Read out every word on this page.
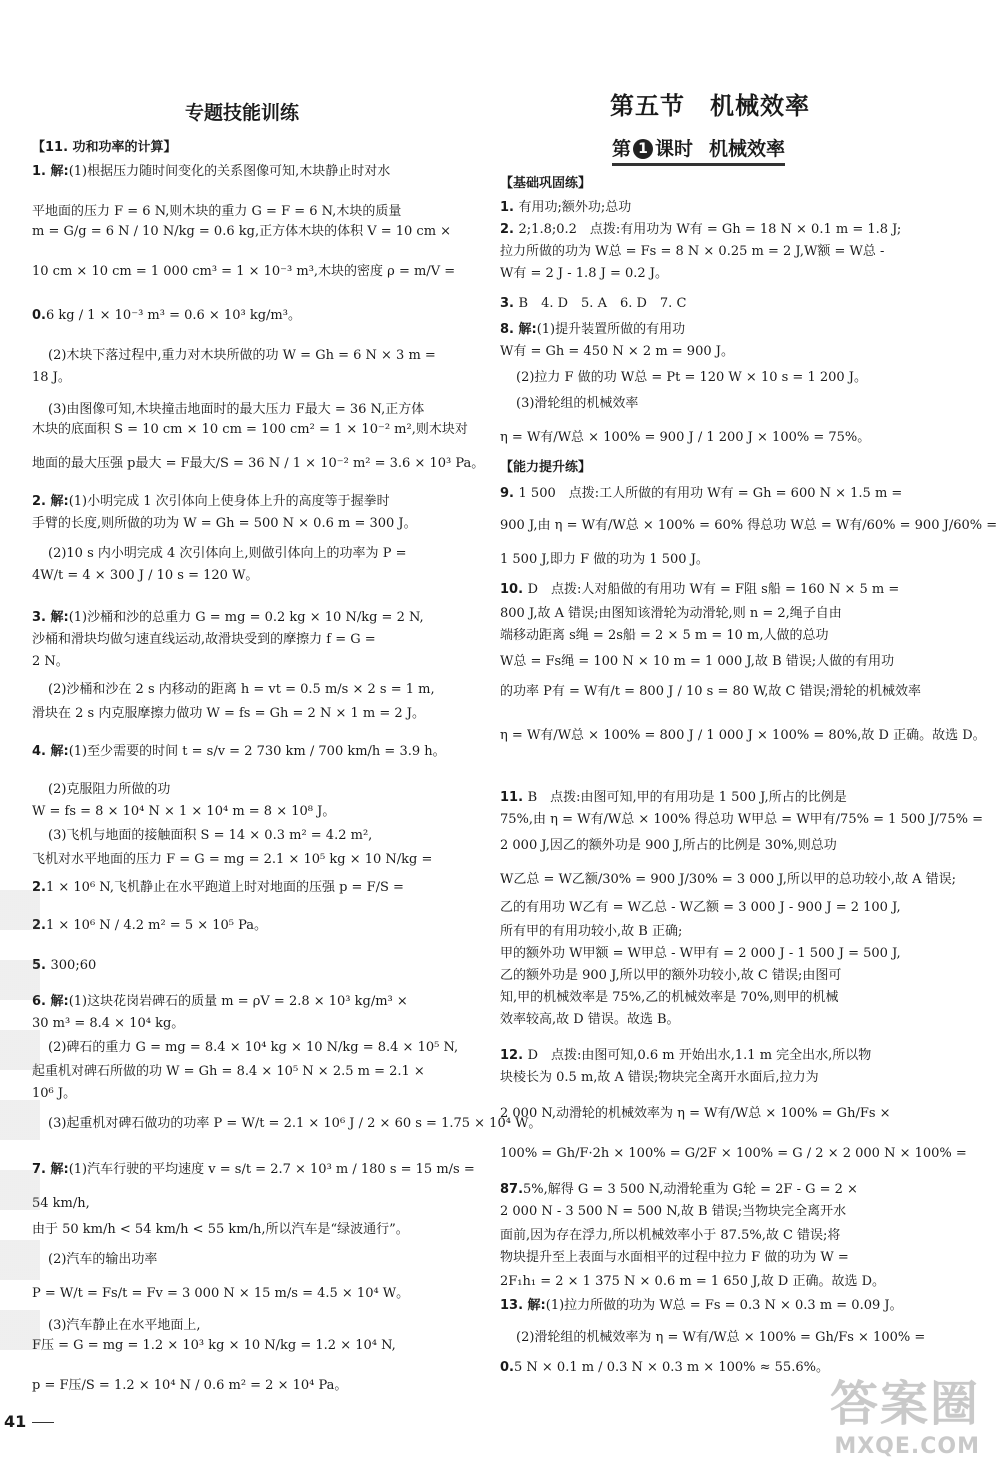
专题技能训练
【11. 功和功率的计算】
1. 解:(1)根据压力随时间变化的关系图像可知,木块静止时对水
平地面的压力 F = 6 N,则木块的重力 G = F = 6 N,木块的质量
m = G/g = 6 N / 10 N/kg = 0.6 kg,正方体木块的体积 V = 10 cm ×
10 cm × 10 cm = 1 000 cm³ = 1 × 10⁻³ m³,木块的密度 ρ = m/V =
0.6 kg / 1 × 10⁻³ m³ = 0.6 × 10³ kg/m³。
(2)木块下落过程中,重力对木块所做的功 W = Gh = 6 N × 3 m =
18 J。
(3)由图像可知,木块撞击地面时的最大压力 F最大 = 36 N,正方体
木块的底面积 S = 10 cm × 10 cm = 100 cm² = 1 × 10⁻² m²,则木块对
地面的最大压强 p最大 = F最大/S = 36 N / 1 × 10⁻² m² = 3.6 × 10³ Pa。
2. 解:(1)小明完成 1 次引体向上使身体上升的高度等于握拳时
手臂的长度,则所做的功为 W = Gh = 500 N × 0.6 m = 300 J。
(2)10 s 内小明完成 4 次引体向上,则做引体向上的功率为 P =
4W/t = 4 × 300 J / 10 s = 120 W。
3. 解:(1)沙桶和沙的总重力 G = mg = 0.2 kg × 10 N/kg = 2 N,
沙桶和滑块均做匀速直线运动,故滑块受到的摩擦力 f = G =
2 N。
(2)沙桶和沙在 2 s 内移动的距离 h = vt = 0.5 m/s × 2 s = 1 m,
滑块在 2 s 内克服摩擦力做功 W = fs = Gh = 2 N × 1 m = 2 J。
4. 解:(1)至少需要的时间 t = s/v = 2 730 km / 700 km/h = 3.9 h。
(2)克服阻力所做的功
W = fs = 8 × 10⁴ N × 1 × 10⁴ m = 8 × 10⁸ J。
(3)飞机与地面的接触面积 S = 14 × 0.3 m² = 4.2 m²,
飞机对水平地面的压力 F = G = mg = 2.1 × 10⁵ kg × 10 N/kg =
2.1 × 10⁶ N,飞机静止在水平跑道上时对地面的压强 p = F/S =
2.1 × 10⁶ N / 4.2 m² = 5 × 10⁵ Pa。
5. 300;60
6. 解:(1)这块花岗岩碑石的质量 m = ρV = 2.8 × 10³ kg/m³ ×
30 m³ = 8.4 × 10⁴ kg。
(2)碑石的重力 G = mg = 8.4 × 10⁴ kg × 10 N/kg = 8.4 × 10⁵ N,
起重机对碑石所做的功 W = Gh = 8.4 × 10⁵ N × 2.5 m = 2.1 ×
10⁶ J。
(3)起重机对碑石做功的功率 P = W/t = 2.1 × 10⁶ J / 2 × 60 s = 1.75 × 10⁴ W。
7. 解:(1)汽车行驶的平均速度 v = s/t = 2.7 × 10³ m / 180 s = 15 m/s =
54 km/h,
由于 50 km/h < 54 km/h < 55 km/h,所以汽车是“绿波通行”。
(2)汽车的输出功率
P = W/t = Fs/t = Fv = 3 000 N × 15 m/s = 4.5 × 10⁴ W。
(3)汽车静止在水平地面上,
F压 = G = mg = 1.2 × 10³ kg × 10 N/kg = 1.2 × 10⁴ N,
p = F压/S = 1.2 × 10⁴ N / 0.6 m² = 2 × 10⁴ Pa。
第五节　机械效率
第 1 课时 机械效率
【基础巩固练】
【能力提升练】
1. 有用功;额外功;总功
2. 2;1.8;0.2　点拨:有用功为 W有 = Gh = 18 N × 0.1 m = 1.8 J;
拉力所做的功为 W总 = Fs = 8 N × 0.25 m = 2 J,W额 = W总 -
W有 = 2 J - 1.8 J = 0.2 J。
3. B　4. D　5. A　6. D　7. C
8. 解:(1)提升装置所做的有用功
W有 = Gh = 450 N × 2 m = 900 J。
(2)拉力 F 做的功 W总 = Pt = 120 W × 10 s = 1 200 J。
(3)滑轮组的机械效率
η = W有/W总 × 100% = 900 J / 1 200 J × 100% = 75%。
9. 1 500　点拨:工人所做的有用功 W有 = Gh = 600 N × 1.5 m =
900 J,由 η = W有/W总 × 100% = 60% 得总功 W总 = W有/60% = 900 J/60% =
1 500 J,即力 F 做的功为 1 500 J。
10. D　点拨:人对船做的有用功 W有 = F阻 s船 = 160 N × 5 m =
800 J,故 A 错误;由图知该滑轮为动滑轮,则 n = 2,绳子自由
端移动距离 s绳 = 2s船 = 2 × 5 m = 10 m,人做的总功
W总 = Fs绳 = 100 N × 10 m = 1 000 J,故 B 错误;人做的有用功
的功率 P有 = W有/t = 800 J / 10 s = 80 W,故 C 错误;滑轮的机械效率
η = W有/W总 × 100% = 800 J / 1 000 J × 100% = 80%,故 D 正确。故选 D。
11. B　点拨:由图可知,甲的有用功是 1 500 J,所占的比例是
75%,由 η = W有/W总 × 100% 得总功 W甲总 = W甲有/75% = 1 500 J/75% =
2 000 J,因乙的额外功是 900 J,所占的比例是 30%,则总功
W乙总 = W乙额/30% = 900 J/30% = 3 000 J,所以甲的总功较小,故 A 错误;
乙的有用功 W乙有 = W乙总 - W乙额 = 3 000 J - 900 J = 2 100 J,
所有甲的有用功较小,故 B 正确;
甲的额外功 W甲额 = W甲总 - W甲有 = 2 000 J - 1 500 J = 500 J,
乙的额外功是 900 J,所以甲的额外功较小,故 C 错误;由图可
知,甲的机械效率是 75%,乙的机械效率是 70%,则甲的机械
效率较高,故 D 错误。故选 B。
12. D　点拨:由图可知,0.6 m 开始出水,1.1 m 完全出水,所以物
块棱长为 0.5 m,故 A 错误;物块完全离开水面后,拉力为
2 000 N,动滑轮的机械效率为 η = W有/W总 × 100% = Gh/Fs ×
100% = Gh/F·2h × 100% = G/2F × 100% = G / 2 × 2 000 N × 100% =
87.5%,解得 G = 3 500 N,动滑轮重为 G轮 = 2F - G = 2 ×
2 000 N - 3 500 N = 500 N,故 B 错误;当物块完全离开水
面前,因为存在浮力,所以机械效率小于 87.5%,故 C 错误;将
物块提升至上表面与水面相平的过程中拉力 F 做的功为 W =
2F₁h₁ = 2 × 1 375 N × 0.6 m = 1 650 J,故 D 正确。故选 D。
13. 解:(1)拉力所做的功为 W总 = Fs = 0.3 N × 0.3 m = 0.09 J。
(2)滑轮组的机械效率为 η = W有/W总 × 100% = Gh/Fs × 100% =
0.5 N × 0.1 m / 0.3 N × 0.3 m × 100% ≈ 55.6%。
41	答案圈
MXQE.COM
